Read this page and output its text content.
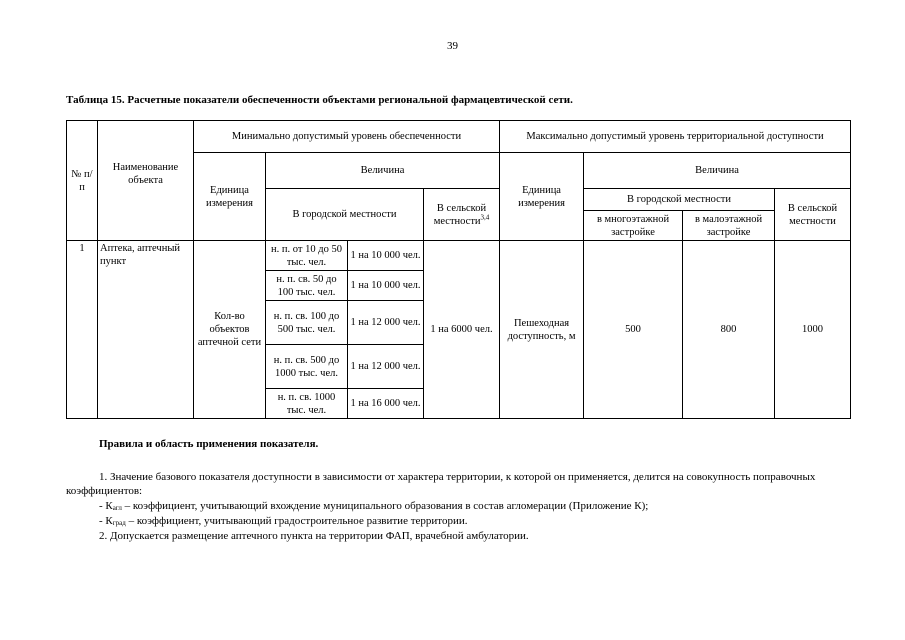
39
Таблица 15. Расчетные показатели обеспеченности объектами региональной фармацевтической сети.
№ п/п	Наименование объекта	Минимально допустимый уровень обеспеченности				Максимально допустимый уровень территориальной доступности			
		Единица измерения	Величина			Единица измерения	Величина		
			В городской местности		В сельской местности$^{3,4}$		В городской местности		В сельской местности
							в многоэтажной застройке	в малоэтажной застройке	
1	Аптека, аптечный пункт	Кол-во объектов аптечной сети	н. п. от 10 до 50 тыс. чел.	1 на 10 000 чел.	1 на 6000 чел.	Пешеходная доступность, м	500	800	1000
			н. п. св. 50 до 100 тыс. чел.	1 на 10 000 чел.					
			н. п. св. 100 до 500 тыс. чел.	1 на 12 000 чел.					
			н. п. св. 500 до 1000 тыс. чел.	1 на 12 000 чел.					
			н. п. св. 1000 тыс. чел.	1 на 16 000 чел.					
Правила и область применения показателя.
1. Значение базового показателя доступности в зависимости от характера территории, к которой он применяется, делится на совокупность поправочных коэффициентов:
- Кагл – коэффициент, учитывающий вхождение муниципального образования в состав агломерации (Приложение К);
- Кград – коэффициент, учитывающий градостроительное развитие территории.
2. Допускается размещение аптечного пункта на территории ФАП, врачебной амбулатории.
